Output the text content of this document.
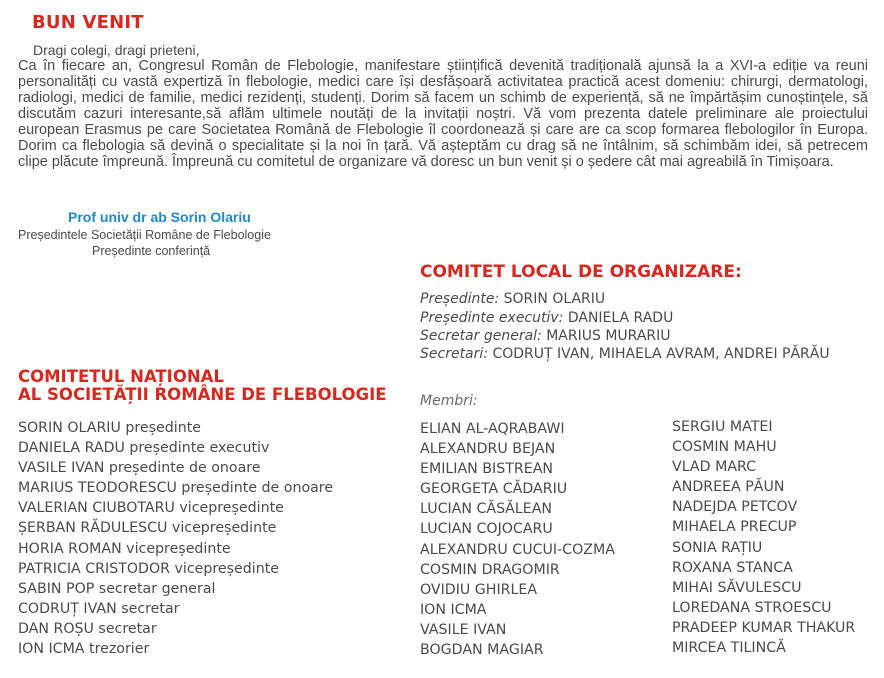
BUN VENIT
Dragi colegi, dragi prieteni,
Ca în fiecare an, Congresul Român de Flebologie, manifestare științifică devenită tradițională ajunsă la a XVI-a ediție va reuni personalități cu vastă expertiză în flebologie, medici care își desfășoară activitatea practică acest domeniu: chirurgi, dermatologi, radiologi, medici de familie, medici rezidenți, studenți. Dorim să facem un schimb de experiență, să ne împărtășim cunoștințele, să discutăm cazuri interesante,să aflăm ultimele noutăți de la invitații noștri. Vă vom prezenta datele preliminare ale proiectului european Erasmus pe care Societatea Română de Flebologie îl coordonează și care are ca scop formarea flebologilor în Europa. Dorim ca flebologia să devină o specialitate și la noi în țară. Vă așteptăm cu drag să ne întâlnim, să schimbăm idei, să petrecem clipe plăcute împreună. Împreună cu comitetul de organizare vă doresc un bun venit și o ședere cât mai agreabilă în Timișoara.
Prof univ dr ab Sorin Olariu
Președintele Societății Române de Flebologie
Președinte conferință
COMITET LOCAL DE ORGANIZARE:
Președinte: SORIN OLARIU
Președinte executiv: DANIELA RADU
Secretar general: MARIUS MURARIU
Secretari: CODRUȚ IVAN, MIHAELA AVRAM, ANDREI PĂRĂU
COMITETUL NAȚIONAL
AL SOCIETĂȚII ROMÂNE DE FLEBOLOGIE Membri:
SORIN OLARIU președinte
DANIELA RADU președinte executiv
VASILE IVAN președinte de onoare
MARIUS TEODORESCU președinte de onoare
VALERIAN CIUBOTARU vicepreședinte
ȘERBAN RĂDULESCU vicepreședinte
HORIA ROMAN vicepreședinte
PATRICIA CRISTODOR vicepreședinte
SABIN POP secretar general
CODRUȚ IVAN secretar
DAN ROȘU secretar
ION ICMA trezorier
ELIAN AL-AQRABAWI
ALEXANDRU BEJAN
EMILIAN BISTREAN
GEORGETA CĂDARIU
LUCIAN CĂSĂLEAN
LUCIAN COJOCARU
ALEXANDRU CUCUI-COZMA
COSMIN DRAGOMIR
OVIDIU GHIRLEA
ION ICMA
VASILE IVAN
BOGDAN MAGIAR
SERGIU MATEI
COSMIN MAHU
VLAD MARC
ANDREEA PĂUN
NADEJDA PETCOV
MIHAELA PRECUP
SONIA RAȚIU
ROXANA STANCA
MIHAI SĂVULESCU
LOREDANA STROESCU
PRADEEP KUMAR THAKUR
MIRCEA TILINCĂ
